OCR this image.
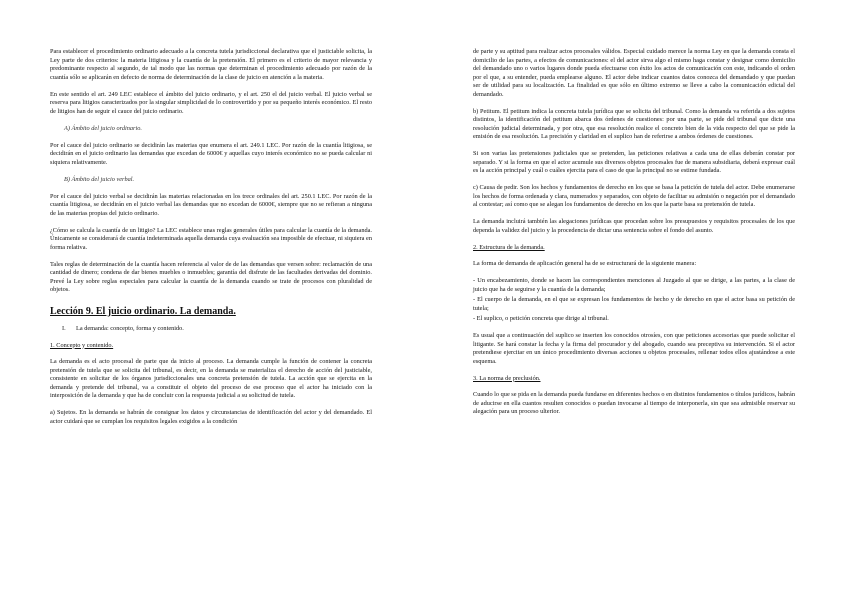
Para establecer el procedimiento ordinario adecuado a la concreta tutela jurisdiccional declarativa que el justiciable solicita, la Ley parte de dos criterios: la materia litigiosa y la cuantía de la pretensión. El primero es el criterio de mayor relevancia y predominante respecto al segundo, de tal modo que las normas que determinan el procedimiento adecuado por razón de la cuantía sólo se aplicarán en defecto de norma de determinación de la clase de juicio en atención a la materia.

En este sentido el art. 249 LEC establece el ámbito del juicio ordinario, y el art. 250 el del juicio verbal. El juicio verbal se reserva para litigios caracterizados por la singular simplicidad de lo controvertido y por su pequeño interés económico. El resto de litigios han de seguir el cauce del juicio ordinario.

A) Ámbito del juicio ordinario.

Por el cauce del juicio ordinario se decidirán las materias que enumera el art. 249.1 LEC. Por razón de la cuantía litigiosa, se decidirán en el juicio ordinario las demandas que excedan de 6000€ y aquellas cuyo interés económico no se pueda calcular ni siquiera relativamente.

B) Ámbito del juicio verbal.

Por el cauce del juicio verbal se decidirán las materias relacionadas en los trece ordinales del art. 250.1 LEC. Por razón de la cuantía litigiosa, se decidirán en el juicio verbal las demandas que no excedan de 6000€, siempre que no se refieran a ninguna de las materias propias del juicio ordinario.

¿Cómo se calcula la cuantía de un litigio? La LEC establece unas reglas generales útiles para calcular la cuantía de la demanda. Únicamente se considerará de cuantía indeterminada aquella demanda cuya evaluación sea imposible de efectuar, ni siquiera en forma relativa.

Tales reglas de determinación de la cuantía hacen referencia al valor de de las demandas que versen sobre: reclamación de una cantidad de dinero; condena de dar bienes muebles o inmuebles; garantía del disfrute de las facultades derivadas del dominio. Prevé la Ley sobre reglas especiales para calcular la cuantía de la demanda cuando se trate de procesos con pluralidad de objetos.

Lección 9. El juicio ordinario. La demanda.

I. La demanda: concepto, forma y contenido.

1. Concepto y contenido.

La demanda es el acto procesal de parte que da inicio al proceso. La demanda cumple la función de contener la concreta pretensión de tutela que se solicita del tribunal, es decir, en la demanda se materializa el derecho de acción del justiciable, consistente en solicitar de los órganos jurisdiccionales una concreta pretensión de tutela. La acción que se ejercita en la demanda y pretende del tribunal, va a constituir el objeto del proceso de ese proceso que el actor ha iniciado con la interposición de la demanda y que ha de concluir con la respuesta judicial a su solicitud de tutela.

a) Sujetos. En la demanda se habrán de consignar los datos y circunstancias de identificación del actor y del demandado. El actor cuidará que se cumplan los requisitos legales exigidos a la condición

de parte y su aptitud para realizar actos procesales válidos. Especial cuidado merece la norma Ley en que la demanda consta el domicilio de las partes, a efectos de comunicaciones: el del actor sirva algo el mismo haga constar y designar como domicilio del demandado uno o varios lugares donde pueda efectuarse con éxito los actos de comunicación con este, indicando el orden por el que, a su entender, pueda emplearse alguno. El actor debe indicar cuantos datos conozca del demandado y que puedan ser de utilidad para su localización. La finalidad es que sólo en último extremo se lleve a cabo la comunicación edictal del demandado.

b) Petitum. El petitum indica la concreta tutela jurídica que se solicita del tribunal. Como la demanda va referida a dos sujetos distintos, la identificación del petitum abarca dos órdenes de cuestiones: por una parte, se pide del tribunal que dicte una resolución judicial determinada, y por otra, que esa resolución realice el concreto bien de la vida respecto del que se pide la emisión de esa resolución. La precisión y claridad en el suplico han de referirse a ambos órdenes de cuestiones.

Si son varias las pretensiones judiciales que se pretenden, las peticiones relativas a cada una de ellas deberán constar por separado. Y si la forma en que el actor acumule sus diversos objetos procesales fue de manera subsidiaria, deberá expresar cuál es la acción principal y cuál o cuáles ejercita para el caso de que la principal no se estime fundada.

c) Causa de pedir. Son los hechos y fundamentos de derecho en los que se basa la petición de tutela del actor. Debe enumerarse los hechos de forma ordenada y clara, numerados y separados, con objeto de facilitar su admisión o negación por el demandado al contestar; así como que se alegan los fundamentos de derecho en los que la parte basa su pretensión de tutela.

La demanda incluirá también las alegaciones jurídicas que procedan sobre los presupuestos y requisitos procesales de los que dependa la validez del juicio y la procedencia de dictar una sentencia sobre el fondo del asunto.

2. Estructura de la demanda.

La forma de demanda de aplicación general ha de se estructurará de la siguiente manera:

- Un encabezamiento, donde se hacen las correspondientes menciones al Juzgado al que se dirige, a las partes, a la clase de juicio que ha de seguirse y la cuantía de la demanda;

- El cuerpo de la demanda, en el que se expresan los fundamentos de hecho y de derecho en que el actor basa su petición de tutela;

- El suplico, o petición concreta que dirige al tribunal.

Es usual que a continuación del suplico se inserten los conocidos otrosíes, con que peticiones accesorias que puede solicitar el litigante. Se hará constar la fecha y la firma del procurador y del abogado, cuando sea preceptiva su intervención. Si el actor pretendiese ejercitar en un único procedimiento diversas acciones u objetos procesales, rellenar todos ellos ajustándose a este esquema.

3. La norma de preclusión.

Cuando lo que se pida en la demanda pueda fundarse en diferentes hechos o en distintos fundamentos o títulos jurídicos, habrán de aducirse en ella cuantos resulten conocidos o puedan invocarse al tiempo de interponerla, sin que sea admisible reservar su alegación para un proceso ulterior.
